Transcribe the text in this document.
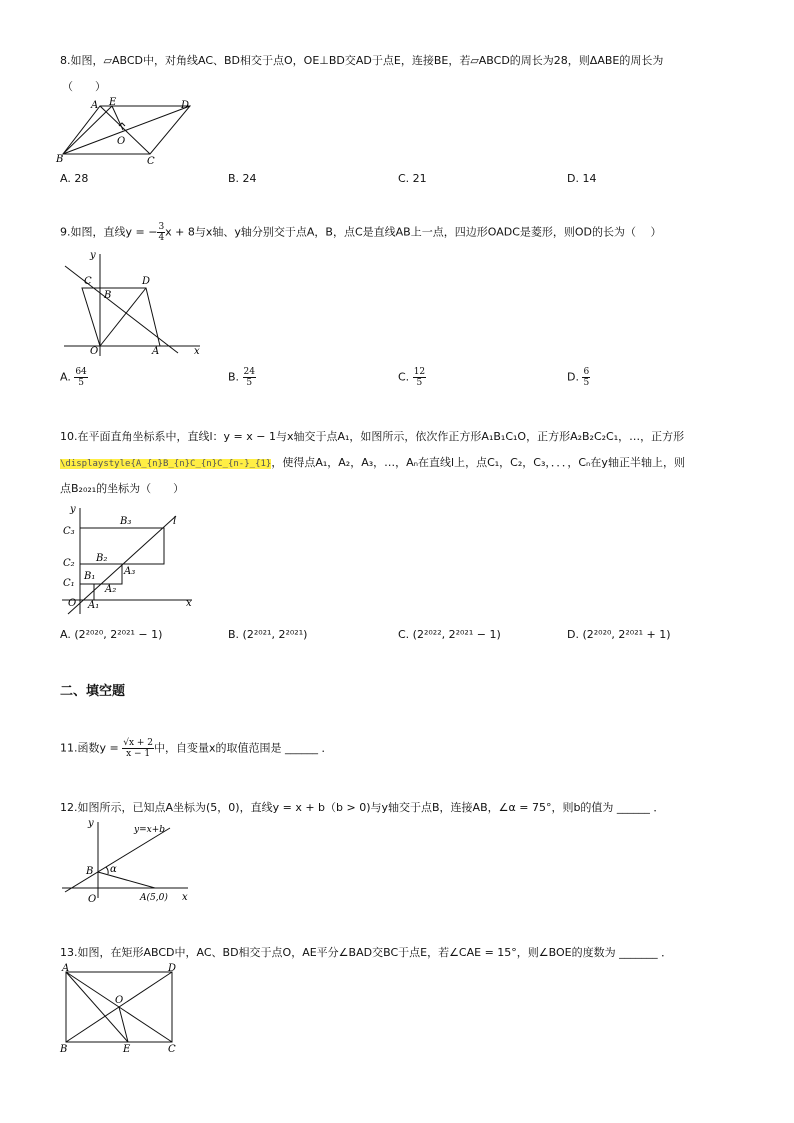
8.如图，▱ABCD中，对角线AC、BD相交于点O，OE⊥BD交AD于点E，连接BE，若▱ABCD的周长为28，则ΔABE的周长为
（　　）
A E	D
O
B	C
A. 28	B. 24	C. 21	D. 14
9.如图，直线y = − $\frac{3}{4}$ x + 8与x轴、y轴分别交于点A，B，点C是直线AB上一点，四边形OADC是菱形，则OD的长为（　 ）
y
C	D
B
O	A	x
A. $\frac{64}{5}$	B. $\frac{24}{5}$	C. $\frac{12}{5}$	D. $\frac{6}{5}$
10.在平面直角坐标系中，直线l：y = x − 1与x轴交于点A₁，如图所示，依次作正方形A₁B₁C₁O，正方形A₂B₂C₂C₁，…，正方形
\displaystyle{A_{n}B_{n}C_{n}C_{n-}_{1}，使得点A₁，A₂，A₃，…，Aₙ在直线l上，点C₁，C₂，C₃，．．．，Cₙ在y轴正半轴上，则
点B₂₀₂₁的坐标为（　　）
y
l
C₃
B₃
C₂ B₂
A₃
C₁
B₁
A₂
O A₁	x
A. (2²⁰²⁰, 2²⁰²¹ − 1)	B. (2²⁰²¹, 2²⁰²¹)	C. (2²⁰²², 2²⁰²¹ − 1)	D. (2²⁰²⁰, 2²⁰²¹ + 1)
二、填空题
11.函数$y = \frac{√x + 2}{x - 1}$ 中，自变量x的取值范围是 ______ ．
12.如图所示，已知点A坐标为(5，0)，直线y = x + b（b > 0)与y轴交于点B，连接AB，∠α = 75°，则b的值为 ______ ．
y
y=x+b
B α
O	A(5,0) x
13.如图，在矩形ABCD中，AC、BD相交于点O，AE平分∠BAD交BC于点E，若∠CAE = 15°，则∠BOE的度数为 _______ ．
A	D
O
B	E	C
